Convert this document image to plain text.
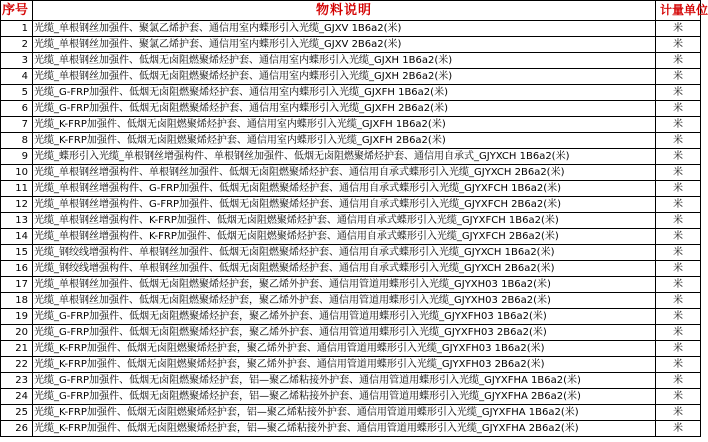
序号	物料说明	计量单位
1	光缆_单根钢丝加强件、聚氯乙烯护套、通信用室内蝶形引入光缆_GJXV 1B6a2(米)	米
2	光缆_单根钢丝加强件、聚氯乙烯护套、通信用室内蝶形引入光缆_GJXV 2B6a2(米)	米
3	光缆_单根钢丝加强件、低烟无卤阻燃聚烯烃护套、通信用室内蝶形引入光缆_GJXH 1B6a2(米)	米
4	光缆_单根钢丝加强件、低烟无卤阻燃聚烯烃护套、通信用室内蝶形引入光缆_GJXH 2B6a2(米)	米
5	光缆_G-FRP加强件、低烟无卤阻燃聚烯烃护套、通信用室内蝶形引入光缆_GJXFH 1B6a2(米)	米
6	光缆_G-FRP加强件、低烟无卤阻燃聚烯烃护套、通信用室内蝶形引入光缆_GJXFH 2B6a2(米)	米
7	光缆_K-FRP加强件、低烟无卤阻燃聚烯烃护套、通信用室内蝶形引入光缆_GJXFH 1B6a2(米)	米
8	光缆_K-FRP加强件、低烟无卤阻燃聚烯烃护套、通信用室内蝶形引入光缆_GJXFH 2B6a2(米)	米
9	光缆_蝶形引入光缆_单根钢丝增强构件、单根钢丝加强件、低烟无卤阻燃聚烯烃护套、通信用自承式_GJYXCH 1B6a2(米)	米
10	光缆_单根钢丝增强构件、单根钢丝加强件、低烟无卤阻燃聚烯烃护套、通信用自承式蝶形引入光缆_GJYXCH 2B6a2(米)	米
11	光缆_单根钢丝增强构件、G-FRP加强件、低烟无卤阻燃聚烯烃护套、通信用自承式蝶形引入光缆_GJYXFCH 1B6a2(米)	米
12	光缆_单根钢丝增强构件、G-FRP加强件、低烟无卤阻燃聚烯烃护套、通信用自承式蝶形引入光缆_GJYXFCH 2B6a2(米)	米
13	光缆_单根钢丝增强构件、K-FRP加强件、低烟无卤阻燃聚烯烃护套、通信用自承式蝶形引入光缆_GJYXFCH 1B6a2(米)	米
14	光缆_单根钢丝增强构件、K-FRP加强件、低烟无卤阻燃聚烯烃护套、通信用自承式蝶形引入光缆_GJYXFCH 2B6a2(米)	米
15	光缆_钢绞线增强构件、单根钢丝加强件、低烟无卤阻燃聚烯烃护套、通信用自承式蝶形引入光缆_GJYXCH 1B6a2(米)	米
16	光缆_钢绞线增强构件、单根钢丝加强件、低烟无卤阻燃聚烯烃护套、通信用自承式蝶形引入光缆_GJYXCH 2B6a2(米)	米
17	光缆_单根钢丝加强件、低烟无卤阻燃聚烯烃护套，聚乙烯外护套、通信用管道用蝶形引入光缆_GJYXH03 1B6a2(米)	米
18	光缆_单根钢丝加强件、低烟无卤阻燃聚烯烃护套，聚乙烯外护套、通信用管道用蝶形引入光缆_GJYXH03 2B6a2(米)	米
19	光缆_G-FRP加强件、低烟无卤阻燃聚烯烃护套，聚乙烯外护套、通信用管道用蝶形引入光缆_GJYXFH03 1B6a2(米)	米
20	光缆_G-FRP加强件、低烟无卤阻燃聚烯烃护套，聚乙烯外护套、通信用管道用蝶形引入光缆_GJYXFH03 2B6a2(米)	米
21	光缆_K-FRP加强件、低烟无卤阻燃聚烯烃护套，聚乙烯外护套、通信用管道用蝶形引入光缆_GJYXFH03 1B6a2(米)	米
22	光缆_K-FRP加强件、低烟无卤阻燃聚烯烃护套，聚乙烯外护套、通信用管道用蝶形引入光缆_GJYXFH03 2B6a2(米)	米
23	光缆_G-FRP加强件、低烟无卤阻燃聚烯烃护套，铝—聚乙烯粘接外护套、通信用管道用蝶形引入光缆_GJYXFHA 1B6a2(米)	米
24	光缆_G-FRP加强件、低烟无卤阻燃聚烯烃护套，铝—聚乙烯粘接外护套、通信用管道用蝶形引入光缆_GJYXFHA 2B6a2(米)	米
25	光缆_K-FRP加强件、低烟无卤阻燃聚烯烃护套，铝—聚乙烯粘接外护套、通信用管道用蝶形引入光缆_GJYXFHA 1B6a2(米)	米
26	光缆_K-FRP加强件、低烟无卤阻燃聚烯烃护套，铝—聚乙烯粘接外护套、通信用管道用蝶形引入光缆_GJYXFHA 2B6a2(米)	米
